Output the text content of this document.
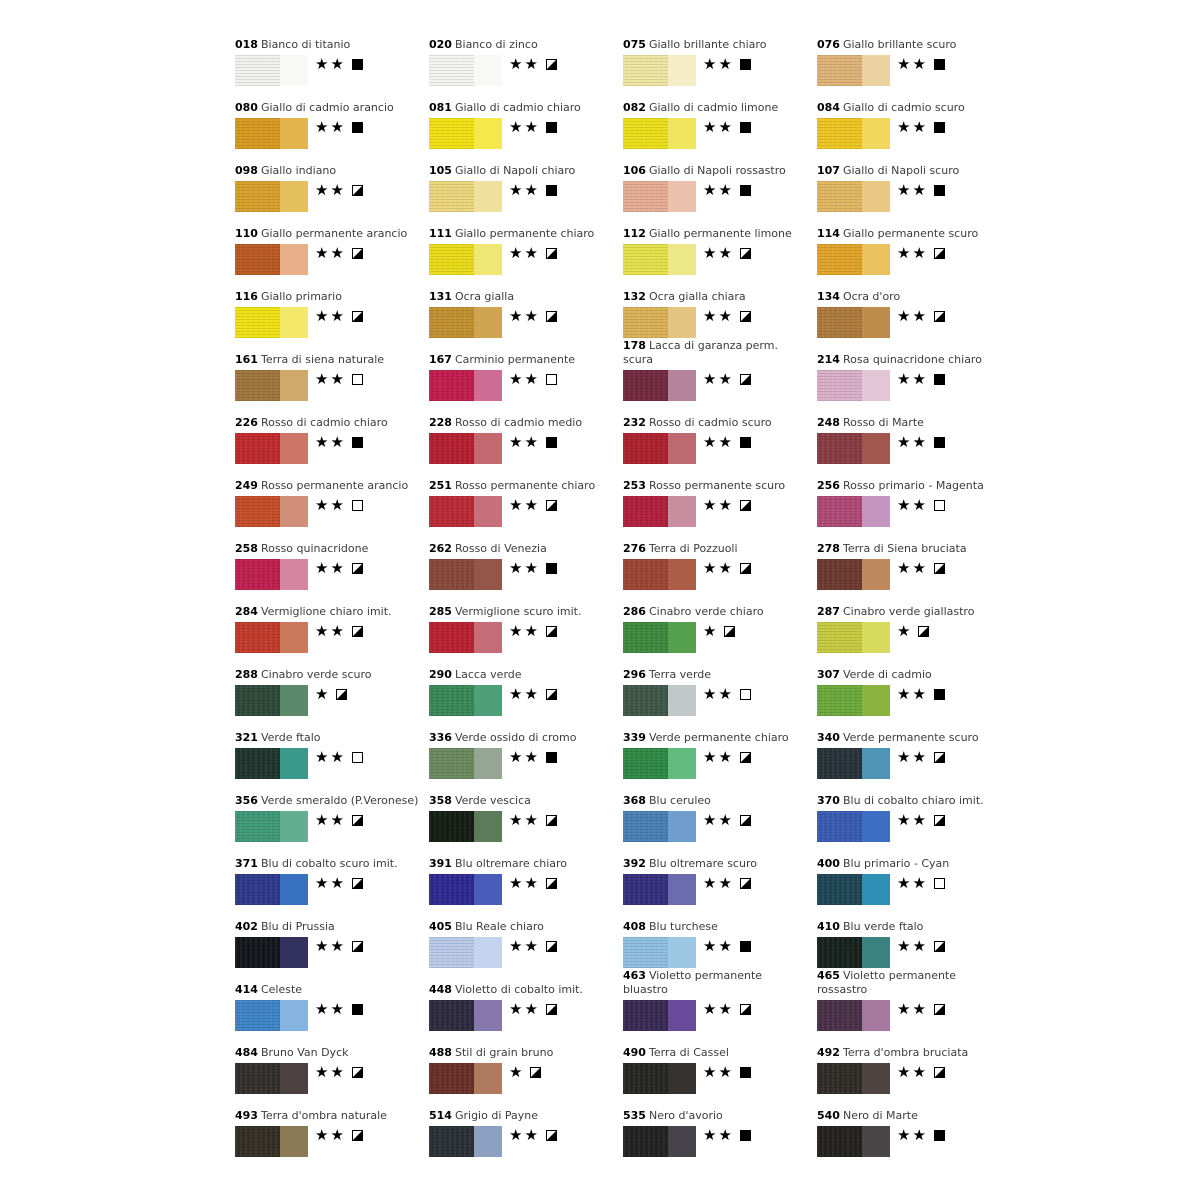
018 Bianco di titanio
★★
020 Bianco di zinco
★★
075 Giallo brillante chiaro
★★
076 Giallo brillante scuro
★★
080 Giallo di cadmio arancio
★★
081 Giallo di cadmio chiaro
★★
082 Giallo di cadmio limone
★★
084 Giallo di cadmio scuro
★★
098 Giallo indiano
★★
105 Giallo di Napoli chiaro
★★
106 Giallo di Napoli rossastro
★★
107 Giallo di Napoli scuro
★★
110 Giallo permanente arancio
★★
111 Giallo permanente chiaro
★★
112 Giallo permanente limone
★★
114 Giallo permanente scuro
★★
116 Giallo primario
★★
131 Ocra gialla
★★
132 Ocra gialla chiara
★★
134 Ocra d'oro
★★
161 Terra di siena naturale
★★
167 Carminio permanente
★★
178 Lacca di garanza perm.
scura
★★
214 Rosa quinacridone chiaro
★★
226 Rosso di cadmio chiaro
★★
228 Rosso di cadmio medio
★★
232 Rosso di cadmio scuro
★★
248 Rosso di Marte
★★
249 Rosso permanente arancio
★★
251 Rosso permanente chiaro
★★
253 Rosso permanente scuro
★★
256 Rosso primario - Magenta
★★
258 Rosso quinacridone
★★
262 Rosso di Venezia
★★
276 Terra di Pozzuoli
★★
278 Terra di Siena bruciata
★★
284 Vermiglione chiaro imit.
★★
285 Vermiglione scuro imit.
★★
286 Cinabro verde chiaro
★
287 Cinabro verde giallastro
★
288 Cinabro verde scuro
★
290 Lacca verde
★★
296 Terra verde
★★
307 Verde di cadmio
★★
321 Verde ftalo
★★
336 Verde ossido di cromo
★★
339 Verde permanente chiaro
★★
340 Verde permanente scuro
★★
356 Verde smeraldo (P.Veronese)
★★
358 Verde vescica
★★
368 Blu ceruleo
★★
370 Blu di cobalto chiaro imit.
★★
371 Blu di cobalto scuro imit.
★★
391 Blu oltremare chiaro
★★
392 Blu oltremare scuro
★★
400 Blu primario - Cyan
★★
402 Blu di Prussia
★★
405 Blu Reale chiaro
★★
408 Blu turchese
★★
410 Blu verde ftalo
★★
414 Celeste
★★
448 Violetto di cobalto imit.
★★
463 Violetto permanente
bluastro
★★
465 Violetto permanente
rossastro
★★
484 Bruno Van Dyck
★★
488 Stil di grain bruno
★
490 Terra di Cassel
★★
492 Terra d'ombra bruciata
★★
493 Terra d'ombra naturale
★★
514 Grigio di Payne
★★
535 Nero d'avorio
★★
540 Nero di Marte
★★
